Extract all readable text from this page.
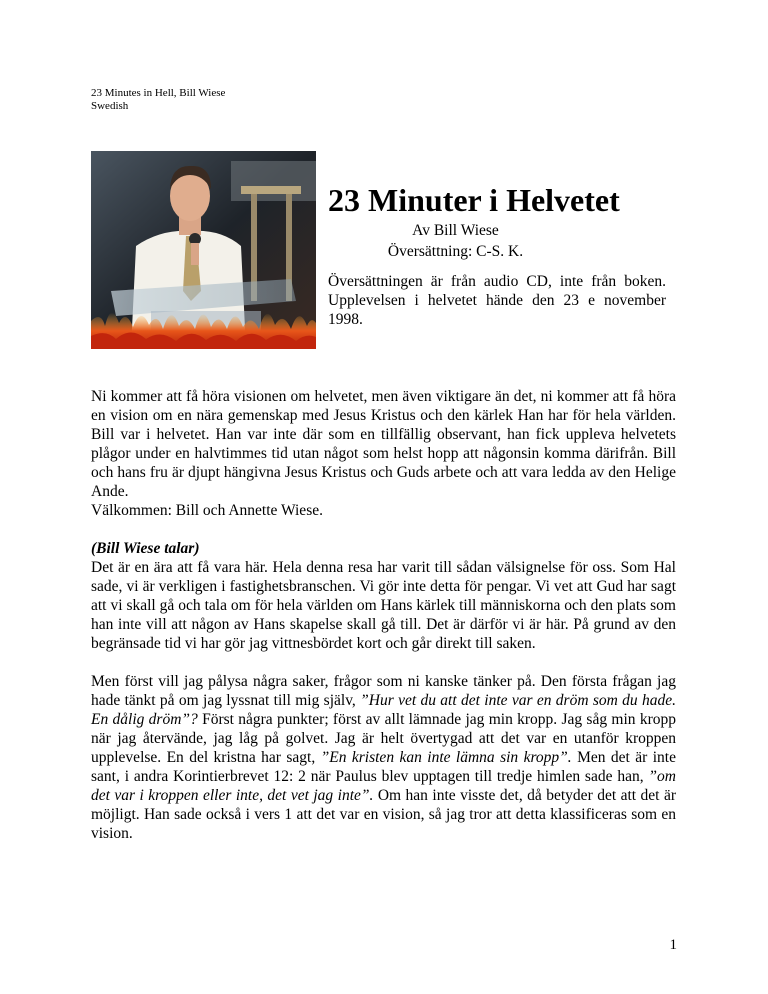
23 Minutes in Hell, Bill Wiese
Swedish
23 Minuter i Helvetet
Av Bill Wiese
Översättning: C-S. K.
Översättningen är från audio CD, inte från boken. Upplevelsen i helvetet hände den 23 e november 1998.

Ni kommer att få höra visionen om helvetet, men även viktigare än det, ni kommer att få höra en vision om en nära gemenskap med Jesus Kristus och den kärlek Han har för hela världen. Bill var i helvetet. Han var inte där som en tillfällig observant, han fick uppleva helvetets plågor under en halvtimmes tid utan något som helst hopp att någonsin komma därifrån. Bill och hans fru är djupt hängivna Jesus Kristus och Guds arbete och att vara ledda av den Helige Ande.

Välkommen: Bill och Annette Wiese.

(Bill Wiese talar)

Det är en ära att få vara här. Hela denna resa har varit till sådan välsignelse för oss. Som Hal sade, vi är verkligen i fastighetsbranschen. Vi gör inte detta för pengar. Vi vet att Gud har sagt att vi skall gå och tala om för hela världen om Hans kärlek till människorna och den plats som han inte vill att någon av Hans skapelse skall gå till. Det är därför vi är här. På grund av den begränsade tid vi har gör jag vittnesbördet kort och går direkt till saken.

Men först vill jag pålysa några saker, frågor som ni kanske tänker på. Den första frågan jag hade tänkt på om jag lyssnat till mig själv, ”Hur vet du att det inte var en dröm som du hade. En dålig dröm”? Först några punkter; först av allt lämnade jag min kropp. Jag såg min kropp när jag återvände, jag låg på golvet. Jag är helt övertygad att det var en utanför kroppen upplevelse. En del kristna har sagt, ”En kristen kan inte lämna sin kropp”. Men det är inte sant, i andra Korintierbrevet 12: 2 när Paulus blev upptagen till tredje himlen sade han, ”om det var i kroppen eller inte, det vet jag inte”. Om han inte visste det, då betyder det att det är möjligt. Han sade också i vers 1 att det var en vision, så jag tror att detta klassificeras som en vision.

1
